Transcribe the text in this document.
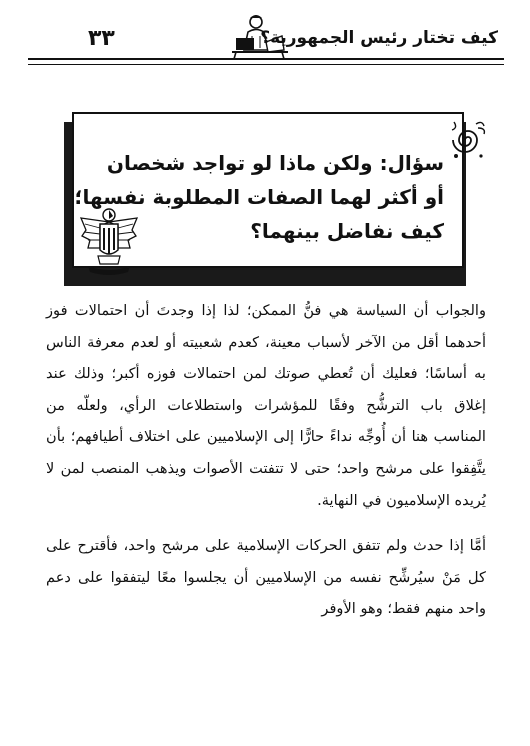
٣٣	كيف تختار رئيس الجمهورية؟
سؤال: ولكن ماذا لو تواجد شخصان
أو أكثر لهما الصفات المطلوبة نفسها؛
كيف نفاضل بينهما؟

والجواب أن السياسة هي فنُّ الممكن؛ لذا إذا وجدتَ أن احتمالات فوز أحدهما أقل من الآخر لأسباب معينة، كعدم شعبيته أو لعدم معرفة الناس به أساسًا؛ فعليك أن تُعطي صوتك لمن احتمالات فوزه أكبر؛ وذلك عند إغلاق باب الترشُّح وفقًا للمؤشرات واستطلاعات الرأي، ولعلّه من المناسب هنا أن أُوجِّه نداءً حارًّا إلى الإسلاميين على اختلاف أطيافهم؛ بأن يتَّفِقوا على مرشح واحد؛ حتى لا تتفتت الأصوات ويذهب المنصب لمن لا يُريده الإسلاميون في النهاية.

أمَّا إذا حدث ولم تتفق الحركات الإسلامية على مرشح واحد، فأقترح على كل مَنْ سيُرشِّح نفسه من الإسلاميين أن يجلسوا معًا ليتفقوا على دعم واحد منهم فقط؛ وهو الأوفر
